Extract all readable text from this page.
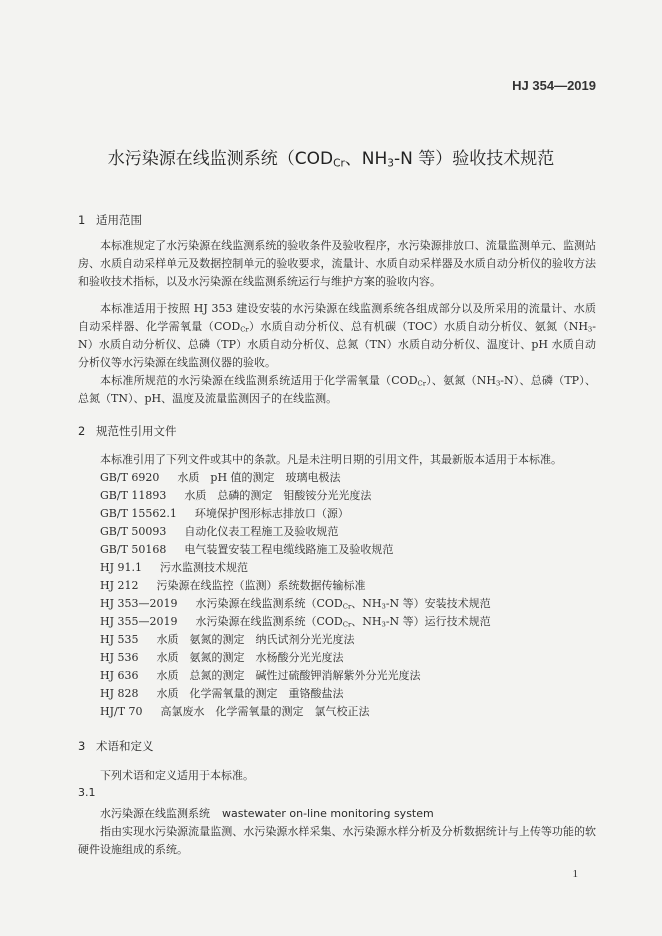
HJ 354—2019
水污染源在线监测系统（$COD_{Cr}$、$NH_3-N$ 等）验收技术规范
1 适用范围
本标准规定了水污染源在线监测系统的验收条件及验收程序，水污染源排放口、流量监测单元、监测站房、水质自动采样单元及数据控制单元的验收要求，流量计、水质自动采样器及水质自动分析仪的验收方法和验收技术指标，以及水污染源在线监测系统运行与维护方案的验收内容。
本标准适用于按照 HJ 353 建设安装的水污染源在线监测系统各组成部分以及所采用的流量计、水质自动采样器、化学需氧量$(COD_{Cr})$水质自动分析仪、总有机碳（TOC）水质自动分析仪、氨氮$(NH_3-N)$水质自动分析仪、总磷（TP）水质自动分析仪、总氮（TN）水质自动分析仪、温度计、pH 水质自动分析仪等水污染源在线监测仪器的验收。
本标准所规范的水污染源在线监测系统适用于化学需氧量$(COD_{Cr})$、氨氮$(NH_3-N)$、总磷（TP）、总氮（TN）、pH、温度及流量监测因子的在线监测。
2 规范性引用文件
本标准引用了下列文件或其中的条款。凡是未注明日期的引用文件，其最新版本适用于本标准。
GB/T 6920 水质　pH 值的测定　玻璃电极法
GB/T 11893 水质　总磷的测定　钼酸铵分光光度法
GB/T 15562.1 环境保护图形标志排放口（源）
GB/T 50093 自动化仪表工程施工及验收规范
GB/T 50168 电气装置安装工程电缆线路施工及验收规范
HJ 91.1 污水监测技术规范
HJ 212 污染源在线监控（监测）系统数据传输标准
HJ 353—2019 水污染源在线监测系统（$COD_{Cr}$、$NH_3-N$ 等）安装技术规范
HJ 355—2019 水污染源在线监测系统（$COD_{Cr}$、$NH_3-N$ 等）运行技术规范
HJ 535 水质　氨氮的测定　纳氏试剂分光光度法
HJ 536 水质　氨氮的测定　水杨酸分光光度法
HJ 636 水质　总氮的测定　碱性过硫酸钾消解紫外分光光度法
HJ 828 水质　化学需氧量的测定　重铬酸盐法
HJ/T 70 高氯废水　化学需氧量的测定　氯气校正法
3 术语和定义
下列术语和定义适用于本标准。
3.1
水污染源在线监测系统 wastewater on-line monitoring system
指由实现水污染源流量监测、水污染源水样采集、水污染源水样分析及分析数据统计与上传等功能的软硬件设施组成的系统。
1
